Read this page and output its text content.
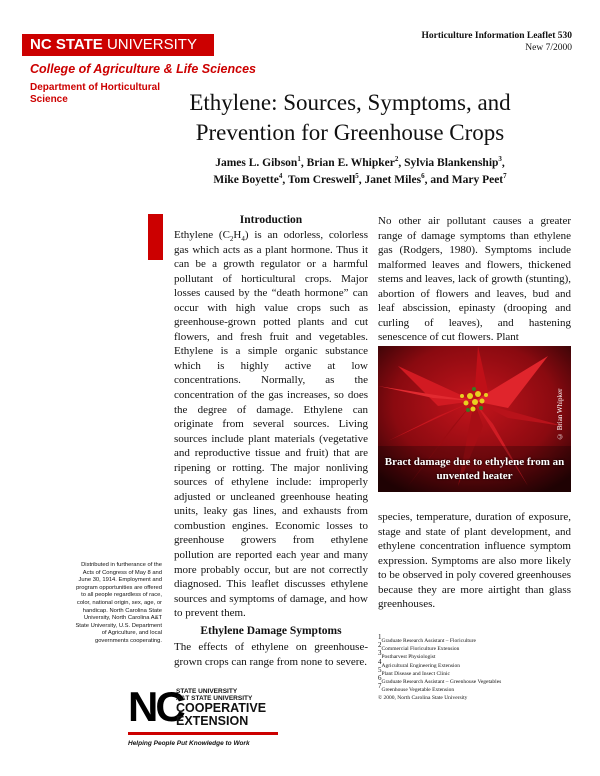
NC STATE UNIVERSITY
College of Agriculture & Life Sciences
Department of Horticultural Science
Horticulture Information Leaflet 530
New 7/2000
Ethylene: Sources, Symptoms, and Prevention for Greenhouse Crops
James L. Gibson$^1$, Brian E. Whipker$^2$, Sylvia Blankenship$^3$,
Mike Boyette$^4$, Tom Creswell$^5$, Janet Miles$^6$, and Mary Peet$^7$
Introduction
Ethylene $(C_2H_4)$ is an odorless, colorless gas which acts as a plant hormone. Thus it can be a growth regulator or a harmful pollutant of horticultural crops. Major losses caused by the “death hormone” can occur with high value crops such as greenhouse-grown potted plants and cut flowers, and fresh fruit and vegetables. Ethylene is a simple organic substance which is highly active at low concentrations. Normally, as the concentration of the gas increases, so does the degree of damage. Ethylene can originate from several sources. Living sources include plant materials (vegetative and reproductive tissue and fruit) that are ripening or rotting. The major nonliving sources of ethylene include: improperly adjusted or uncleaned greenhouse heating units, leaky gas lines, and exhausts from combustion engines. Economic losses to greenhouse growers from ethylene pollution are reported each year and many more probably occur, but are not correctly diagnosed. This leaflet discusses ethylene sources and symptoms of damage, and how to prevent them.
Ethylene Damage Symptoms
The effects of ethylene on greenhouse-grown crops can range from none to severe.
No other air pollutant causes a greater range of damage symptoms than ethylene gas (Rodgers, 1980). Symptoms include malformed leaves and flowers, thickened stems and leaves, lack of growth (stunting), abortion of flowers and leaves, bud and leaf abscission, epinasty (drooping and curling of leaves), and hastening senescence of cut flowers. Plant
Bract damage due to ethylene from an unvented heater
© Brian Whipker
species, temperature, duration of exposure, stage and state of plant development, and ethylene concentration influence symptom expression. Symptoms are also more likely to be observed in poly covered greenhouses because they are more airtight than glass greenhouses.
$^1$Graduate Research Assistant – Floriculture
$^2$Commercial Floriculture Extension
$^3$Postharvest Physiologist
$^4$Agricultural Engineering Extension
$^5$Plant Disease and Insect Clinic
$^6$Graduate Research Assistant – Greenhouse Vegetables
$^7$Greenhouse Vegetable Extension
© 2000, North Carolina State University
Distributed in furtherance of the Acts of Congress of May 8 and June 30, 1914. Employment and program opportunities are offered to all people regardless of race, color, national origin, sex, age, or handicap. North Carolina State University, North Carolina A&T State University, U.S. Department of Agriculture, and local governments cooperating.
NC
STATE UNIVERSITY
A&T STATE UNIVERSITY
COOPERATIVE
EXTENSION
Helping People Put Knowledge to Work
